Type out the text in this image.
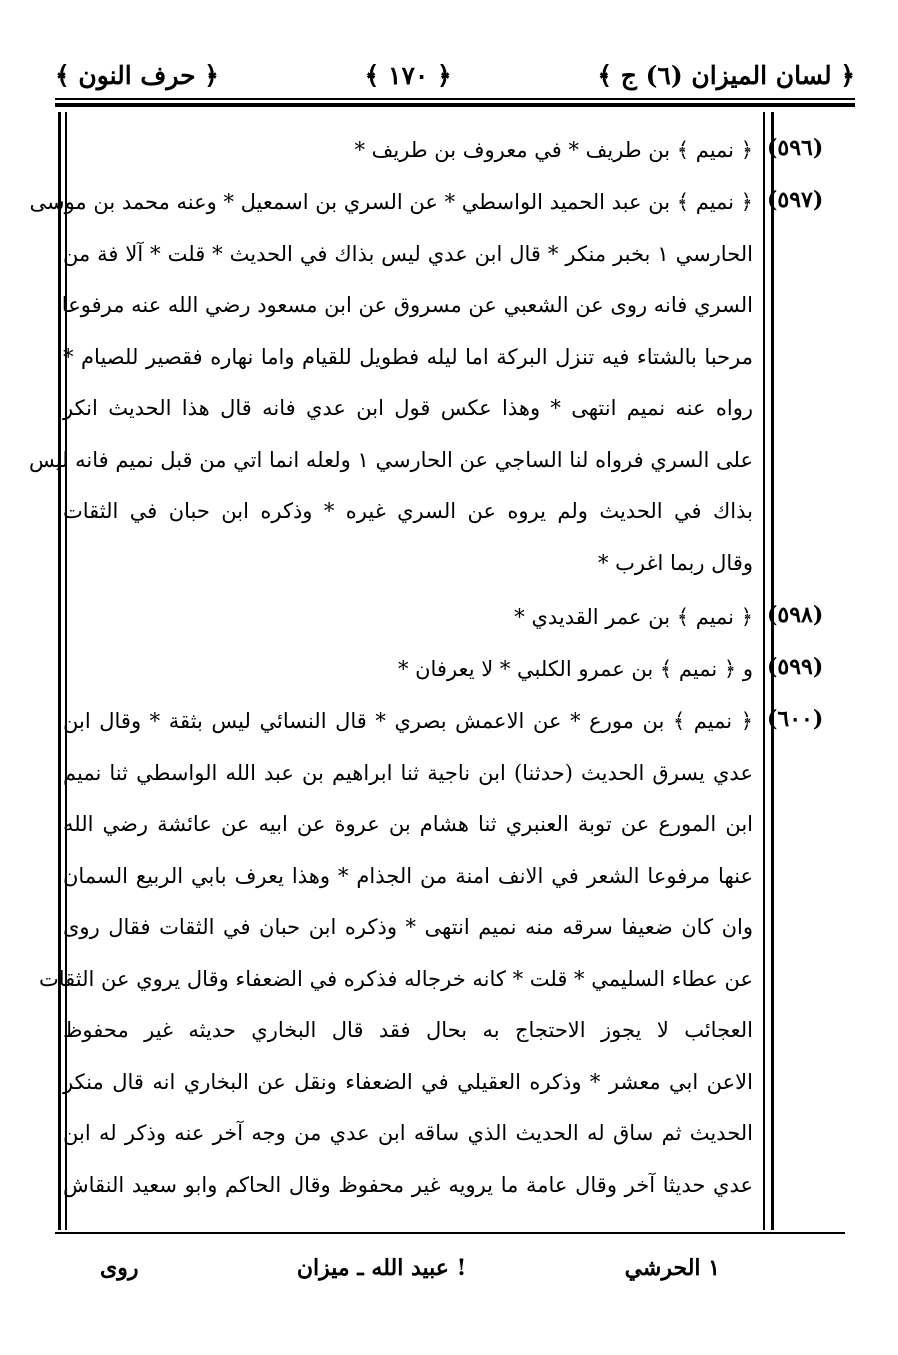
﴿ لسان الميزان (٦) ج ﴾
﴿ ١٧٠ ﴾
﴿ حرف النون ﴾
(٥٩٦)
﴿ نميم ﴾ بن طريف * في معروف بن طريف *
(٥٩٧)
﴿ نميم ﴾ بن عبد الحميد الواسطي * عن السري بن اسمعيل * وعنه محمد بن موسى
الحارسي ۱ بخبر منكر * قال ابن عدي ليس بذاك في الحديث * قلت * آلا فة من
السري فانه روى عن الشعبي عن مسروق عن ابن مسعود رضي الله عنه مرفوعا
مرحبا بالشتاء فيه تنزل البركة اما ليله فطويل للقيام واما نهاره فقصير للصيام *
رواه عنه نميم انتهى * وهذا عكس قول ابن عدي فانه قال هذا الحديث انكر
على السري فرواه لنا الساجي عن الحارسي ۱ ولعله انما اتي من قبل نميم فانه ليس
بذاك في الحديث ولم يروه عن السري غيره * وذكره ابن حبان في الثقات
وقال ربما اغرب *
(٥٩٨)
﴿ نميم ﴾ بن عمر القديدي *
(٥٩٩)
و ﴿ نميم ﴾ بن عمرو الكلبي * لا يعرفان *
(٦٠٠)
﴿ نميم ﴾ بن مورع * عن الاعمش بصري * قال النسائي ليس بثقة * وقال ابن
عدي يسرق الحديث (حدثنا) ابن ناجية ثنا ابراهيم بن عبد الله الواسطي ثنا نميم
ابن المورع عن توبة العنبري ثنا هشام بن عروة عن ابيه عن عائشة رضي الله
عنها مرفوعا الشعر في الانف امنة من الجذام * وهذا يعرف بابي الربيع السمان
وان كان ضعيفا سرقه منه نميم انتهى * وذكره ابن حبان في الثقات فقال روى
عن عطاء السليمي * قلت * كانه خرجاله فذكره في الضعفاء وقال يروي عن الثقات
العجائب لا يجوز الاحتجاج به بحال فقد قال البخاري حديثه غير محفوظ
الاعن ابي معشر * وذكره العقيلي في الضعفاء ونقل عن البخاري انه قال منكر
الحديث ثم ساق له الحديث الذي ساقه ابن عدي من وجه آخر عنه وذكر له ابن
عدي حديثا آخر وقال عامة ما يرويه غير محفوظ وقال الحاكم وابو سعيد النقاش
۱ الحرشي
! عبيد الله ـ ميزان
روى
